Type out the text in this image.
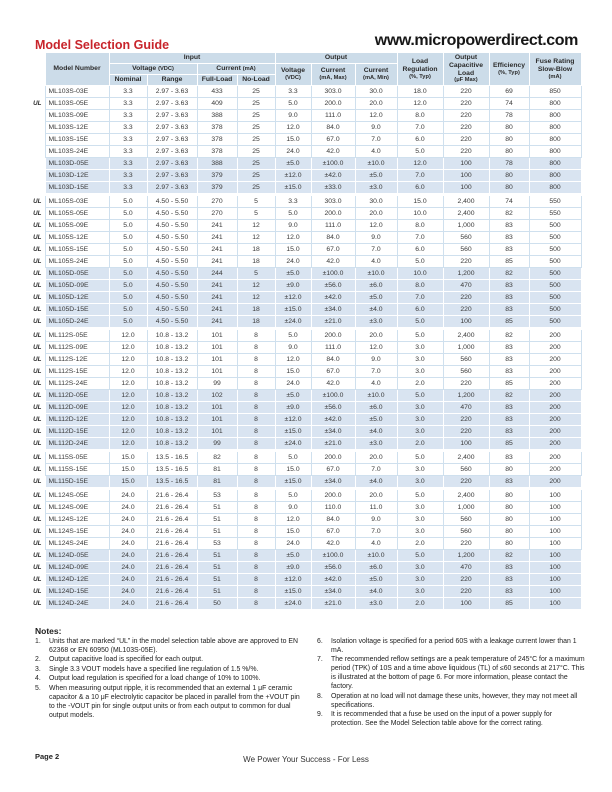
Model Selection Guide	www.micropowerdirect.com
	Model Number	Input				Output			Load Regulation
(%, Typ)	Output Capacitive Load
(μF Max)	Efficiency
(%, Typ)	Fuse Rating Slow-Blow
(mA)

		Voltage (VDC)		Current (mA)		Voltage
(VDC)	Current
(mA, Max)	Current
(mA, Min)				

		Nominal	Range	Full-Load	No-Load							
	ML103S-03E	3.3	2.97 - 3.63	433	25	3.3	303.0	30.0	18.0	220	69	850
UL	ML103S-05E	3.3	2.97 - 3.63	409	25	5.0	200.0	20.0	12.0	220	74	800
	ML103S-09E	3.3	2.97 - 3.63	388	25	9.0	111.0	12.0	8.0	220	78	800
	ML103S-12E	3.3	2.97 - 3.63	378	25	12.0	84.0	9.0	7.0	220	80	800
	ML103S-15E	3.3	2.97 - 3.63	378	25	15.0	67.0	7.0	6.0	220	80	800
	ML103S-24E	3.3	2.97 - 3.63	378	25	24.0	42.0	4.0	5.0	220	80	800
	ML103D-05E	3.3	2.97 - 3.63	388	25	±5.0	±100.0	±10.0	12.0	100	78	800
	ML103D-12E	3.3	2.97 - 3.63	379	25	±12.0	±42.0	±5.0	7.0	100	80	800
	ML103D-15E	3.3	2.97 - 3.63	379	25	±15.0	±33.0	±3.0	6.0	100	80	800
UL	ML105S-03E	5.0	4.50 - 5.50	270	5	3.3	303.0	30.0	15.0	2,400	74	550
UL	ML105S-05E	5.0	4.50 - 5.50	270	5	5.0	200.0	20.0	10.0	2,400	82	550
UL	ML105S-09E	5.0	4.50 - 5.50	241	12	9.0	111.0	12.0	8.0	1,000	83	500
UL	ML105S-12E	5.0	4.50 - 5.50	241	12	12.0	84.0	9.0	7.0	560	83	500
UL	ML105S-15E	5.0	4.50 - 5.50	241	18	15.0	67.0	7.0	6.0	560	83	500
UL	ML105S-24E	5.0	4.50 - 5.50	241	18	24.0	42.0	4.0	5.0	220	85	500
UL	ML105D-05E	5.0	4.50 - 5.50	244	5	±5.0	±100.0	±10.0	10.0	1,200	82	500
UL	ML105D-09E	5.0	4.50 - 5.50	241	12	±9.0	±56.0	±6.0	8.0	470	83	500
UL	ML105D-12E	5.0	4.50 - 5.50	241	12	±12.0	±42.0	±5.0	7.0	220	83	500
UL	ML105D-15E	5.0	4.50 - 5.50	241	18	±15.0	±34.0	±4.0	6.0	220	83	500
UL	ML105D-24E	5.0	4.50 - 5.50	241	18	±24.0	±21.0	±3.0	5.0	100	85	500
UL	ML112S-05E	12.0	10.8 - 13.2	101	8	5.0	200.0	20.0	5.0	2,400	82	200
UL	ML112S-09E	12.0	10.8 - 13.2	101	8	9.0	111.0	12.0	3.0	1,000	83	200
UL	ML112S-12E	12.0	10.8 - 13.2	101	8	12.0	84.0	9.0	3.0	560	83	200
UL	ML112S-15E	12.0	10.8 - 13.2	101	8	15.0	67.0	7.0	3.0	560	83	200
UL	ML112S-24E	12.0	10.8 - 13.2	99	8	24.0	42.0	4.0	2.0	220	85	200
UL	ML112D-05E	12.0	10.8 - 13.2	102	8	±5.0	±100.0	±10.0	5.0	1,200	82	200
UL	ML112D-09E	12.0	10.8 - 13.2	101	8	±9.0	±56.0	±6.0	3.0	470	83	200
UL	ML112D-12E	12.0	10.8 - 13.2	101	8	±12.0	±42.0	±5.0	3.0	220	83	200
UL	ML112D-15E	12.0	10.8 - 13.2	101	8	±15.0	±34.0	±4.0	3.0	220	83	200
UL	ML112D-24E	12.0	10.8 - 13.2	99	8	±24.0	±21.0	±3.0	2.0	100	85	200
UL	ML115S-05E	15.0	13.5 - 16.5	82	8	5.0	200.0	20.0	5.0	2,400	83	200
UL	ML115S-15E	15.0	13.5 - 16.5	81	8	15.0	67.0	7.0	3.0	560	80	200
UL	ML115D-15E	15.0	13.5 - 16.5	81	8	±15.0	±34.0	±4.0	3.0	220	83	200
UL	ML124S-05E	24.0	21.6 - 26.4	53	8	5.0	200.0	20.0	5.0	2,400	80	100
UL	ML124S-09E	24.0	21.6 - 26.4	51	8	9.0	110.0	11.0	3.0	1,000	80	100
UL	ML124S-12E	24.0	21.6 - 26.4	51	8	12.0	84.0	9.0	3.0	560	80	100
UL	ML124S-15E	24.0	21.6 - 26.4	51	8	15.0	67.0	7.0	3.0	560	80	100
UL	ML124S-24E	24.0	21.6 - 26.4	53	8	24.0	42.0	4.0	2.0	220	80	100
UL	ML124D-05E	24.0	21.6 - 26.4	51	8	±5.0	±100.0	±10.0	5.0	1,200	82	100
UL	ML124D-09E	24.0	21.6 - 26.4	51	8	±9.0	±56.0	±6.0	3.0	470	83	100
UL	ML124D-12E	24.0	21.6 - 26.4	51	8	±12.0	±42.0	±5.0	3.0	220	83	100
UL	ML124D-15E	24.0	21.6 - 26.4	51	8	±15.0	±34.0	±4.0	3.0	220	83	100
UL	ML124D-24E	24.0	21.6 - 26.4	50	8	±24.0	±21.0	±3.0	2.0	100	85	100
Notes:
1.	Units that are marked “UL” in the model selection table above are approved to EN 62368 or EN 60950 (ML103S-05E).
2.	Output capacitive load is specified for each output.
3.	Single 3.3 VOUT models have a specified line regulation of 1.5 %/%.
4.	Output load regulation is specified for a load change of 10% to 100%.
5.	When measuring output ripple, it is recommended that an external 1 μF ceramic capacitor & a 10 μF electrolytic capacitor be placed in parallel from the +VOUT pin to the -VOUT pin for single output units or from each output to common for dual output models.
6.	Isolation voltage is specified for a period 60S with a leakage current lower than 1 mA.
7.	The recommended reflow settings are a peak temperature of 245°C for a maximum period (TPK) of 10S and a time above liquidous (TL) of ≤60 seconds at 217°C. This is illustrated at the bottom of page 6. For more information, please contact the factory.
8.	Operation at no load will not damage these units, however, they may not meet all specifications.
9.	It is recommended that a fuse be used on the input of a power supply for protection. See the Model Selection table above for the correct rating.
Page 2	We Power Your Success - For Less
